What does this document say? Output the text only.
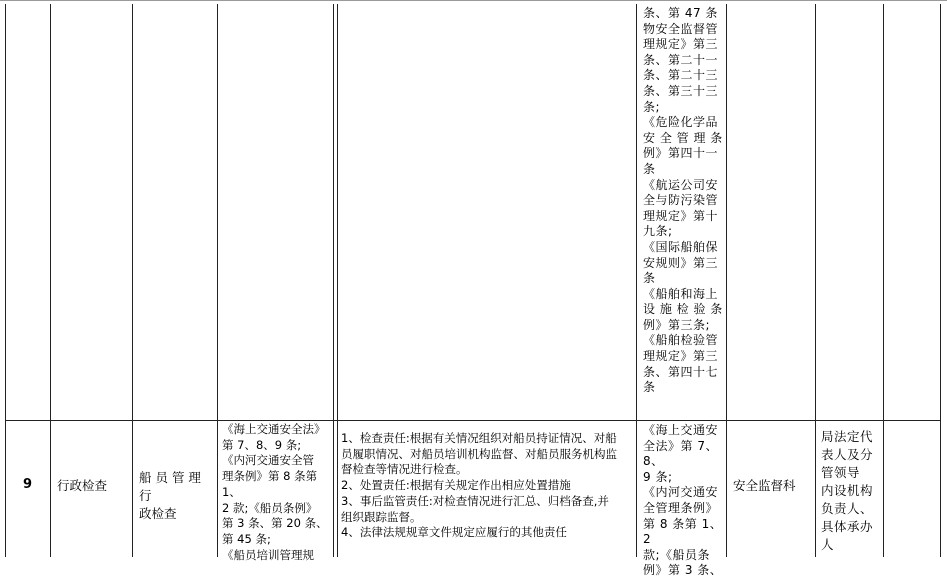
条、第 47 条
物安全监督管
理规定》第三
条、第二十一
条、第二十三
条、第三十三
条;
《危险化学品
安 全 管 理 条
例》第四十一
条
《航运公司安
全与防污染管
理规定》第十
九条;
《国际船舶保
安规则》第三
条
《船舶和海上
设 施 检 验 条
例》第三条;
《船舶检验管
理规定》第三
条、第四十七
条
9	行政检查
船 员 管 理 行
政检查
《海上交通安全法》
第 7、8、9 条;
《内河交通安全管
理条例》第 8 条第 1、
2 款;《船员条例》
第 3 条、第 20 条、
第 45 条;
《船员培训管理规
1、检查责任:根据有关情况组织对船员持证情况、对船
员履职情况、对船员培训机构监督、对船员服务机构监
督检查等情况进行检查。
2、处置责任:根据有关规定作出相应处置措施
3、事后监管责任:对检查情况进行汇总、归档备查,并
组织跟踪监督。
4、法律法规规章文件规定应履行的其他责任
《海上交通安
全法》第 7、8、
9 条;
《内河交通安
全管理条例》
第 8 条第 1、2
款;《船员条
例》第 3 条、
安全监督科
局法定代
表人及分
管领导
内设机构
负责人、
具体承办
人
